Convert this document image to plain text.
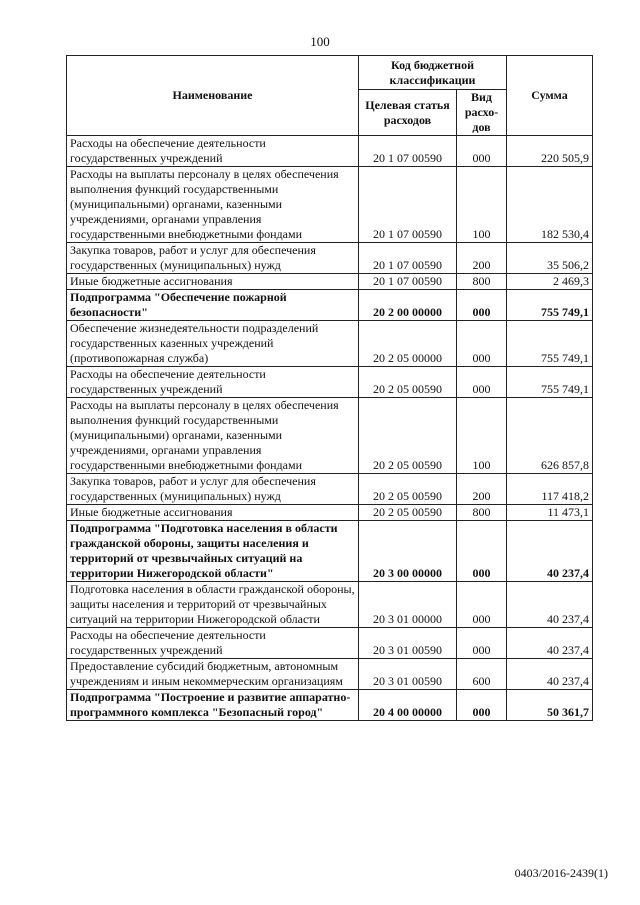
100
Наименование	Код бюджетной классификации		Сумма
	Целевая статья расходов	Вид расхо-дов	
Расходы на обеспечение деятельности государственных учреждений	20 1 07 00590	000	220 505,9
Расходы на выплаты персоналу в целях обеспечения выполнения функций государственными (муниципальными) органами, казенными учреждениями, органами управления государственными внебюджетными фондами	20 1 07 00590	100	182 530,4
Закупка товаров, работ и услуг для обеспечения государственных (муниципальных) нужд	20 1 07 00590	200	35 506,2
Иные бюджетные ассигнования	20 1 07 00590	800	2 469,3
Подпрограмма "Обеспечение пожарной безопасности"	20 2 00 00000	000	755 749,1
Обеспечение жизнедеятельности подразделений государственных казенных учреждений (противопожарная служба)	20 2 05 00000	000	755 749,1
Расходы на обеспечение деятельности государственных учреждений	20 2 05 00590	000	755 749,1
Расходы на выплаты персоналу в целях обеспечения выполнения функций государственными (муниципальными) органами, казенными учреждениями, органами управления государственными внебюджетными фондами	20 2 05 00590	100	626 857,8
Закупка товаров, работ и услуг для обеспечения государственных (муниципальных) нужд	20 2 05 00590	200	117 418,2
Иные бюджетные ассигнования	20 2 05 00590	800	11 473,1
Подпрограмма "Подготовка населения в области гражданской обороны, защиты населения и территорий от чрезвычайных ситуаций на территории Нижегородской области"	20 3 00 00000	000	40 237,4
Подготовка населения в области гражданской обороны, защиты населения и территорий от чрезвычайных ситуаций на территории Нижегородской области	20 3 01 00000	000	40 237,4
Расходы на обеспечение деятельности государственных учреждений	20 3 01 00590	000	40 237,4
Предоставление субсидий бюджетным, автономным учреждениям и иным некоммерческим организациям	20 3 01 00590	600	40 237,4
Подпрограмма "Построение и развитие аппаратно-программного комплекса "Безопасный город"	20 4 00 00000	000	50 361,7
0403/2016-2439(1)
